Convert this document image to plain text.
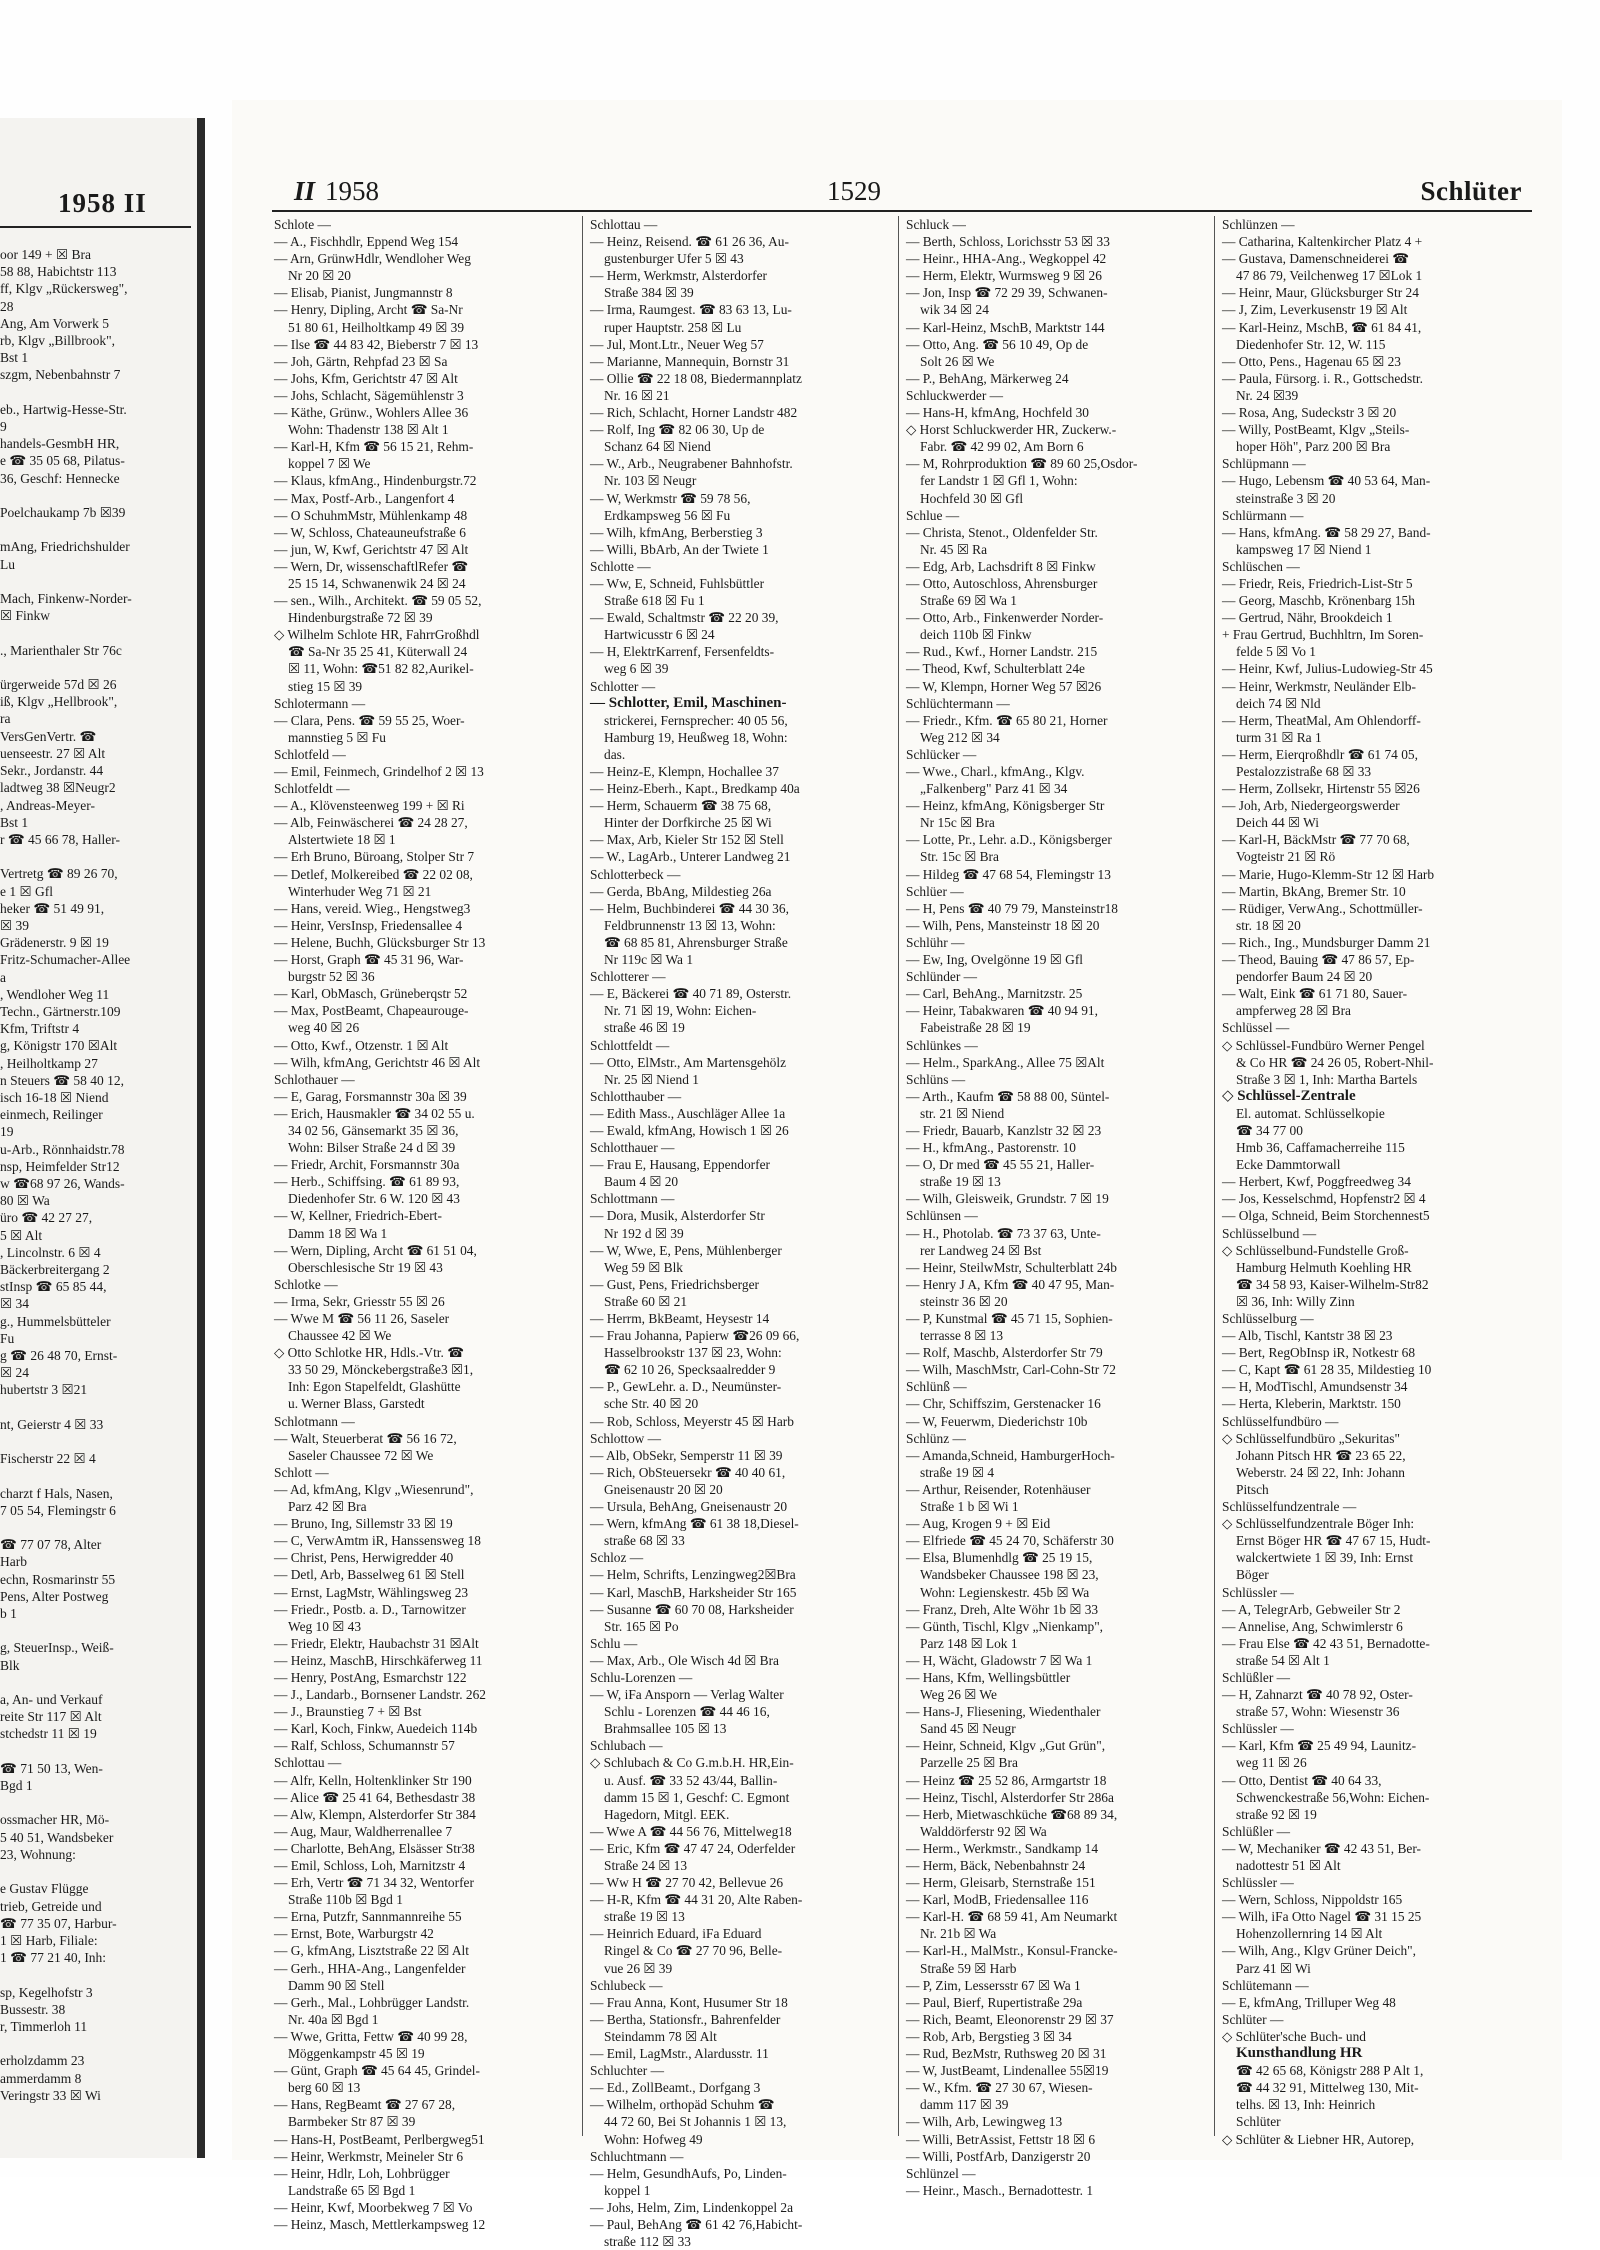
1958 II
oor 149 + ☒ Bra
58 88, Habichtstr 113
ff, Klgv „Rückersweg",
28
Ang, Am Vorwerk 5
rb, Klgv „Billbrook",
Bst 1
szgm, Nebenbahnstr 7

eb., Hartwig-Hesse-Str.
9
handels-GesmbH HR,
e ☎ 35 05 68, Pilatus-
36, Geschf: Hennecke

Poelchaukamp 7b ☒39

mAng, Friedrichshulder
Lu

Mach, Finkenw-Norder-
☒ Finkw

., Marienthaler Str 76c

ürgerweide 57d ☒ 26
iß, Klgv „Hellbrook",
ra
VersGenVertr. ☎
uenseestr. 27 ☒ Alt
Sekr., Jordanstr. 44
ladtweg 38 ☒Neugr2
, Andreas-Meyer-
Bst 1
r ☎ 45 66 78, Haller-

Vertretg ☎ 89 26 70,
e 1 ☒ Gfl
heker ☎ 51 49 91,
☒ 39
Grädenerstr. 9 ☒ 19
Fritz-Schumacher-Allee
a
, Wendloher Weg 11
Techn., Gärtnerstr.109
Kfm, Triftstr 4
g, Königstr 170 ☒Alt
, Heilholtkamp 27
n Steuers ☎ 58 40 12,
isch 16-18 ☒ Niend
einmech, Reilinger
19
u-Arb., Rönnhaidstr.78
nsp, Heimfelder Str12
w ☎68 97 26, Wands-
80 ☒ Wa
üro ☎ 42 27 27,
5 ☒ Alt
, Lincolnstr. 6 ☒ 4
Bäckerbreitergang 2
stInsp ☎ 65 85 44,
☒ 34
g., Hummelsbütteler
Fu
g ☎ 26 48 70, Ernst-
☒ 24
hubertstr 3 ☒21

nt, Geierstr 4 ☒ 33

Fischerstr 22 ☒ 4

charzt f Hals, Nasen,
7 05 54, Flemingstr 6

☎ 77 07 78, Alter
Harb
echn, Rosmarinstr 55
Pens, Alter Postweg
b 1

g, SteuerInsp., Weiß-
Blk

a, An- und Verkauf
reite Str 117 ☒ Alt
stchedstr 11 ☒ 19

☎ 71 50 13, Wen-
Bgd 1

ossmacher HR, Mö-
5 40 51, Wandsbeker
23, Wohnung:

e Gustav Flügge
trieb, Getreide und
☎ 77 35 07, Harbur-
1 ☒ Harb, Filiale:
1 ☎ 77 21 40, Inh:

sp, Kegelhofstr 3
Bussestr. 38
r, Timmerloh 11

erholzdamm 23
ammerdamm 8
Veringstr 33 ☒ Wi
II 1958	1529	Schlüter
Schlote —
— A., Fischhdlr, Eppend Weg 154
— Arn, GrünwHdlr, Wendloher Weg
Nr 20 ☒ 20
— Elisab, Pianist, Jungmannstr 8
— Henry, Dipling, Archt ☎ Sa-Nr
51 80 61, Heilholtkamp 49 ☒ 39
— Ilse ☎ 44 83 42, Bieberstr 7 ☒ 13
— Joh, Gärtn, Rehpfad 23 ☒ Sa
— Johs, Kfm, Gerichtstr 47 ☒ Alt
— Johs, Schlacht, Sägemühlenstr 3
— Käthe, Grünw., Wohlers Allee 36
Wohn: Thadenstr 138 ☒ Alt 1
— Karl-H, Kfm ☎ 56 15 21, Rehm-
koppel 7 ☒ We
— Klaus, kfmAng., Hindenburgstr.72
— Max, Postf-Arb., Langenfort 4
— O SchuhmMstr, Mühlenkamp 48
— W, Schloss, Chateaunеufstraße 6
— jun, W, Kwf, Gerichtstr 47 ☒ Alt
— Wern, Dr, wissenschaftlRefer ☎
25 15 14, Schwanenwik 24 ☒ 24
— sen., Wilh., Architekt. ☎ 59 05 52,
Hindenburgstraße 72 ☒ 39
◇ Wilhelm Schlote HR, FahrrGroßhdl
☎ Sa-Nr 35 25 41, Küterwall 24
☒ 11, Wohn: ☎51 82 82,Aurikel-
stieg 15 ☒ 39
Schlotermann —
— Clara, Pens. ☎ 59 55 25, Woer-
mannstieg 5 ☒ Fu
Schlotfeld —
— Emil, Feinmech, Grindelhof 2 ☒ 13
Schlotfeldt —
— A., Klövensteenweg 199 + ☒ Ri
— Alb, Feinwäscherei ☎ 24 28 27,
Alstertwiete 18 ☒ 1
— Erh Bruno, Büroang, Stolper Str 7
— Detlef, Molkereibed ☎ 22 02 08,
Winterhuder Weg 71 ☒ 21
— Hans, vereid. Wieg., Hengstweg3
— Heinr, VersInsp, Friedensallee 4
— Helene, Buchh, Glücksburger Str 13
— Horst, Graph ☎ 45 31 96, War-
burgstr 52 ☒ 36
— Karl, ObMasch, Grüneberqstr 52
— Max, PostBeamt, Chapeaurouge-
weg 40 ☒ 26
— Otto, Kwf., Otzenstr. 1 ☒ Alt
— Wilh, kfmAng, Gerichtstr 46 ☒ Alt
Schlothauer —
— E, Garag, Forsmannstr 30a ☒ 39
— Erich, Hausmakler ☎ 34 02 55 u.
34 02 56, Gänsemarkt 35 ☒ 36,
Wohn: Bilser Straße 24 d ☒ 39
— Friedr, Archit, Forsmannstr 30a
— Herb., Schiffsing. ☎ 61 89 93,
Diedenhofer Str. 6 W. 120 ☒ 43
— W, Kellner, Friedrich-Ebert-
Damm 18 ☒ Wa 1
— Wern, Dipling, Archt ☎ 61 51 04,
Oberschlesische Str 19 ☒ 43
Schlotke —
— Irma, Sekr, Griesstr 55 ☒ 26
— Wwe M ☎ 56 11 26, Saseler
Chaussee 42 ☒ We
◇ Otto Schlotke HR, Hdls.-Vtr. ☎
33 50 29, Mönckebergstraße3 ☒1,
Inh: Egon Stapelfeldt, Glashütte
u. Werner Blass, Garstedt
Schlotmann —
— Walt, Steuerberat ☎ 56 16 72,
Saseler Chaussee 72 ☒ We
Schlott —
— Ad, kfmAng, Klgv „Wiesenrund",
Parz 42 ☒ Bra
— Bruno, Ing, Sillemstr 33 ☒ 19
— C, VerwAmtm iR, Hanssensweg 18
— Christ, Pens, Herwigredder 40
— Detl, Arb, Basselweg 61 ☒ Stell
— Ernst, LagMstr, Wählingsweg 23
— Friedr., Postb. a. D., Tarnowitzer
Weg 10 ☒ 43
— Friedr, Elektr, Haubachstr 31 ☒Alt
— Heinz, MaschB, Hirschkäferweg 11
— Henry, PostAng, Esmarchstr 122
— J., Landarb., Bornsener Landstr. 262
— J., Braunstieg 7 + ☒ Bst
— Karl, Koch, Finkw, Auedeich 114b
— Ralf, Schloss, Schumannstr 57
Schlottau —
— Alfr, Kelln, Holtenklinker Str 190
— Alice ☎ 25 41 64, Bethesdastr 38
— Alw, Klempn, Alsterdorfer Str 384
— Aug, Maur, Waldherrenallee 7
— Charlotte, BehAng, Elsässer Str38
— Emil, Schloss, Loh, Marnitzstr 4
— Erh, Vertr ☎ 71 34 32, Wentorfer
Straße 110b ☒ Bgd 1
— Erna, Putzfr, Sannmannreihe 55
— Ernst, Bote, Warburgstr 42
— G, kfmAng, Lisztstraße 22 ☒ Alt
— Gerh., HHA-Ang., Langenfelder
Damm 90 ☒ Stell
— Gerh., Mal., Lohbrügger Landstr.
Nr. 40a ☒ Bgd 1
— Wwe, Gritta, Fettw ☎ 40 99 28,
Möggenkampstr 45 ☒ 19
— Günt, Graph ☎ 45 64 45, Grindel-
berg 60 ☒ 13
— Hans, RegBeamt ☎ 27 67 28,
Barmbeker Str 87 ☒ 39
— Hans-H, PostBeamt, Perlbergweg51
— Heinr, Werkmstr, Meineler Str 6
— Heinr, Hdlr, Loh, Lohbrügger
Landstraße 65 ☒ Bgd 1
— Heinr, Kwf, Moorbekweg 7 ☒ Vo
— Heinz, Masch, Mettlerkampsweg 12
Schlottau —
— Heinz, Reisend. ☎ 61 26 36, Au-
gustenburger Ufer 5 ☒ 43
— Herm, Werkmstr, Alsterdorfer
Straße 384 ☒ 39
— Irma, Raumgest. ☎ 83 63 13, Lu-
ruper Hauptstr. 258 ☒ Lu
— Jul, Mont.Ltr., Neuer Weg 57
— Marianne, Mannequin, Bornstr 31
— Ollie ☎ 22 18 08, Biedermannplatz
Nr. 16 ☒ 21
— Rich, Schlacht, Horner Landstr 482
— Rolf, Ing ☎ 82 06 30, Up de
Schanz 64 ☒ Niend
— W., Arb., Neugrabener Bahnhofstr.
Nr. 103 ☒ Neugr
— W, Werkmstr ☎ 59 78 56,
Erdkampsweg 56 ☒ Fu
— Wilh, kfmAng, Berberstieg 3
— Willi, BbArb, An der Twiete 1
Schlotte —
— Ww, E, Schneid, Fuhlsbüttler
Straße 618 ☒ Fu 1
— Ewald, Schaltmstr ☎ 22 20 39,
Hartwicusstr 6 ☒ 24
— H, ElektrKarrenf, Fersenfeldts-
weg 6 ☒ 39
Schlotter —
— Schlotter, Emil, Maschinen-
strickerei, Fernsprecher: 40 05 56,
Hamburg 19, Heußweg 18, Wohn:
das.
— Heinz-E, Klempn, Hochallee 37
— Heinz-Eberh., Kapt., Bredkamp 40a
— Herm, Schauerm ☎ 38 75 68,
Hinter der Dorfkirche 25 ☒ Wi
— Max, Arb, Kieler Str 152 ☒ Stell
— W., LagArb., Unterer Landweg 21
Schlotterbeck —
— Gerda, BbAng, Mildestieg 26a
— Helm, Buchbinderei ☎ 44 30 36,
Feldbrunnenstr 13 ☒ 13, Wohn:
☎ 68 85 81, Ahrensburger Straße
Nr 119c ☒ Wa 1
Schlotterer —
— E, Bäckerei ☎ 40 71 89, Osterstr.
Nr. 71 ☒ 19, Wohn: Eichen-
straße 46 ☒ 19
Schlottfeldt —
— Otto, ElMstr., Am Martensgehölz
Nr. 25 ☒ Niend 1
Schlotthauber —
— Edith Mass., Auschläger Allee 1a
— Ewald, kfmAng, Howisch 1 ☒ 26
Schlotthauer —
— Frau E, Hausang, Eppendorfer
Baum 4 ☒ 20
Schlottmann —
— Dora, Musik, Alsterdorfer Str
Nr 192 d ☒ 39
— W, Wwe, E, Pens, Mühlenberger
Weg 59 ☒ Blk
— Gust, Pens, Friedrichsberger
Straße 60 ☒ 21
— Herrm, BkBeamt, Heysestr 14
— Frau Johanna, Papierw ☎26 09 66,
Hasselbrookstr 137 ☒ 23, Wohn:
☎ 62 10 26, Specksaalredder 9
— P., GewLehr. a. D., Neumünster-
sche Str. 40 ☒ 20
— Rob, Schloss, Meyerstr 45 ☒ Harb
Schlottow —
— Alb, ObSekr, Semperstr 11 ☒ 39
— Rich, ObSteuersekr ☎ 40 40 61,
Gneisenaustr 20 ☒ 20
— Ursula, BehAng, Gneisenaustr 20
— Wern, kfmAng ☎ 61 38 18,Diesel-
straße 68 ☒ 33
Schloz —
— Helm, Schrifts, Lenzingweg2☒Bra
— Karl, MaschB, Harksheider Str 165
— Susanne ☎ 60 70 08, Harksheider
Str. 165 ☒ Po
Schlu —
— Max, Arb., Ole Wisch 4d ☒ Bra
Schlu-Lorenzen —
— W, iFa Ansporn — Verlag Walter
Schlu - Lorenzen ☎ 44 46 16,
Brahmsallee 105 ☒ 13
Schlubach —
◇ Schlubach & Co G.m.b.H. HR,Ein-
u. Ausf. ☎ 33 52 43/44, Ballin-
damm 15 ☒ 1, Geschf: C. Egmont
Hagedorn, Mitgl. EEK.
— Wwe A ☎ 44 56 76, Mittelweg18
— Eric, Kfm ☎ 47 47 24, Oderfelder
Straße 24 ☒ 13
— Ww H ☎ 27 70 42, Bellevue 26
— H-R, Kfm ☎ 44 31 20, Alte Raben-
straße 19 ☒ 13
— Heinrich Eduard, iFa Eduard
Ringel & Co ☎ 27 70 96, Belle-
vue 26 ☒ 39
Schlubeck —
— Frau Anna, Kont, Husumer Str 18
— Bertha, Stationsfr., Bahrenfelder
Steindamm 78 ☒ Alt
— Emil, LagMstr., Alardusstr. 11
Schluchter —
— Ed., ZollBeamt., Dorfgang 3
— Wilhelm, orthopäd Schuhm ☎
44 72 60, Bei St Johannis 1 ☒ 13,
Wohn: Hofweg 49
Schluchtmann —
— Helm, GesundhAufs, Po, Linden-
koppel 1
— Johs, Helm, Zim, Lindenkoppel 2a
— Paul, BehAng ☎ 61 42 76,Habicht-
straße 112 ☒ 33
Schluck —
— Berth, Schloss, Lorichsstr 53 ☒ 33
— Heinr., HHA-Ang., Wegkoppel 42
— Herm, Elektr, Wurmsweg 9 ☒ 26
— Jon, Insp ☎ 72 29 39, Schwanen-
wik 34 ☒ 24
— Karl-Heinz, MschB, Marktstr 144
— Otto, Ang. ☎ 56 10 49, Op de
Solt 26 ☒ We
— P., BehAng, Märkerweg 24
Schluckwerder —
— Hans-H, kfmAng, Hochfeld 30
◇ Horst Schluckwerder HR, Zuckerw.-
Fabr. ☎ 42 99 02, Am Born 6
— M, Rohrproduktion ☎ 89 60 25,Osdor-
fer Landstr 1 ☒ Gfl 1, Wohn:
Hochfeld 30 ☒ Gfl
Schlue —
— Christa, Stenot., Oldenfelder Str.
Nr. 45 ☒ Ra
— Edg, Arb, Lachsdrift 8 ☒ Finkw
— Otto, Autoschloss, Ahrensburger
Straße 69 ☒ Wa 1
— Otto, Arb., Finkenwerder Norder-
deich 110b ☒ Finkw
— Rud., Kwf., Horner Landstr. 215
— Theod, Kwf, Schulterblatt 24e
— W, Klempn, Horner Weg 57 ☒26
Schlüchtermann —
— Friedr., Kfm. ☎ 65 80 21, Horner
Weg 212 ☒ 34
Schlücker —
— Wwe., Charl., kfmAng., Klgv.
„Falkenberg" Parz 41 ☒ 34
— Heinz, kfmAng, Königsberger Str
Nr 15c ☒ Bra
— Lotte, Pr., Lehr. a.D., Königsberger
Str. 15c ☒ Bra
— Hildeg ☎ 47 68 54, Flemingstr 13
Schlüer —
— H, Pens ☎ 40 79 79, Mansteinstr18
— Wilh, Pens, Mansteinstr 18 ☒ 20
Schlühr —
— Ew, Ing, Ovelgönne 19 ☒ Gfl
Schlünder —
— Carl, BehAng., Marnitzstr. 25
— Heinr, Tabakwaren ☎ 40 94 91,
Fabeistraße 28 ☒ 19
Schlünkes —
— Helm., SparkAng., Allee 75 ☒Alt
Schlüns —
— Arth., Kaufm ☎ 58 88 00, Süntel-
str. 21 ☒ Niend
— Friedr, Bauarb, Kanzlstr 32 ☒ 23
— H., kfmAng., Pastorenstr. 10
— O, Dr med ☎ 45 55 21, Haller-
straße 19 ☒ 13
— Wilh, Gleisweik, Grundstr. 7 ☒ 19
Schlünsen —
— H., Photolab. ☎ 73 37 63, Unte-
rer Landweg 24 ☒ Bst
— Heinr, SteilwMstr, Schulterblatt 24b
— Henry J A, Kfm ☎ 40 47 95, Man-
steinstr 36 ☒ 20
— P, Kunstmal ☎ 45 71 15, Sophien-
terrasse 8 ☒ 13
— Rolf, Maschb, Alsterdorfer Str 79
— Wilh, MaschMstr, Carl-Cohn-Str 72
Schlünß —
— Chr, Schiffszim, Gerstenacker 16
— W, Feuerwm, Diederichstr 10b
Schlünz —
— Amanda,Schneid, HamburgerHoch-
straße 19 ☒ 4
— Arthur, Reisender, Rotenhäuser
Straße 1 b ☒ Wi 1
— Aug, Krogen 9 + ☒ Eid
— Elfriede ☎ 45 24 70, Schäferstr 30
— Elsa, Blumenhdlg ☎ 25 19 15,
Wandsbeker Chaussee 198 ☒ 23,
Wohn: Legienskestr. 45b ☒ Wa
— Franz, Dreh, Alte Wöhr 1b ☒ 33
— Günth, Tischl, Klgv „Nienkamp",
Parz 148 ☒ Lok 1
— H, Wächt, Gladowstr 7 ☒ Wa 1
— Hans, Kfm, Wellingsbüttler
Weg 26 ☒ We
— Hans-J, Fliesening, Wiedenthaler
Sand 45 ☒ Neugr
— Heinr, Schneid, Klgv „Gut Grün",
Parzelle 25 ☒ Bra
— Heinz ☎ 25 52 86, Armgartstr 18
— Heinz, Tischl, Alsterdorfer Str 286a
— Herb, Mietwaschküche ☎68 89 34,
Walddörferstr 92 ☒ Wa
— Herm., Werkmstr., Sandkamp 14
— Herm, Bäck, Nebenbahnstr 24
— Herm, Gleisarb, Sternstraße 151
— Karl, ModB, Friedensallee 116
— Karl-H. ☎ 68 59 41, Am Neumarkt
Nr. 21b ☒ Wa
— Karl-H., MalMstr., Konsul-Francke-
Straße 59 ☒ Harb
— P, Zim, Lessersstr 67 ☒ Wa 1
— Paul, Bierf, Rupertistraße 29a
— Rich, Beamt, Eleonorenstr 29 ☒ 37
— Rob, Arb, Bergstieg 3 ☒ 34
— Rud, BezMstr, Ruthsweg 20 ☒ 31
— W, JustBeamt, Lindenallee 55☒19
— W., Kfm. ☎ 27 30 67, Wiesen-
damm 117 ☒ 39
— Wilh, Arb, Lewingweg 13
— Willi, BetrAssist, Fettstr 18 ☒ 6
— Willi, PostfArb, Danzigerstr 20
Schlünzel —
— Heinr., Masch., Bernadottestr. 1
Schlünzen —
— Catharina, Kaltenkircher Platz 4 +
— Gustava, Damenschneiderei ☎
47 86 79, Veilchenweg 17 ☒Lok 1
— Heinr, Maur, Glücksburger Str 24
— J, Zim, Leverkusenstr 19 ☒ Alt
— Karl-Heinz, MschB, ☎ 61 84 41,
Diedenhofer Str. 12, W. 115
— Otto, Pens., Hagenau 65 ☒ 23
— Paula, Fürsorg. i. R., Gottschedstr.
Nr. 24 ☒39
— Rosa, Ang, Sudeckstr 3 ☒ 20
— Willy, PostBeamt, Klgv „Steils-
hoper Höh", Parz 200 ☒ Bra
Schlüpmann —
— Hugo, Lebensm ☎ 40 53 64, Man-
steinstraße 3 ☒ 20
Schlürmann —
— Hans, kfmAng. ☎ 58 29 27, Band-
kampsweg 17 ☒ Niend 1
Schlüschen —
— Friedr, Reis, Friedrich-List-Str 5
— Georg, Maschb, Krönenbarg 15h
— Gertrud, Nähr, Brookdeich 1
+ Frau Gertrud, Buchhltrn, Im Soren-
felde 5 ☒ Vo 1
— Heinr, Kwf, Julius-Ludowieg-Str 45
— Heinr, Werkmstr, Neuländer Elb-
deich 74 ☒ Nld
— Herm, TheatMal, Am Ohlendorff-
turm 31 ☒ Ra 1
— Herm, Eierqroßhdlr ☎ 61 74 05,
Pestalozzistraße 68 ☒ 33
— Herm, Zollsekr, Hirtenstr 55 ☒26
— Joh, Arb, Niedergeorgswerder
Deich 44 ☒ Wi
— Karl-H, BäckMstr ☎ 77 70 68,
Vogteistr 21 ☒ Rö
— Marie, Hugo-Klemm-Str 12 ☒ Harb
— Martin, BkAng, Bremer Str. 10
— Rüdiger, VerwAng., Schottmüller-
str. 18 ☒ 20
— Rich., Ing., Mundsburger Damm 21
— Theod, Bauing ☎ 47 86 57, Ep-
pendorfer Baum 24 ☒ 20
— Walt, Eink ☎ 61 71 80, Sauer-
ampferweg 28 ☒ Bra
Schlüssel —
◇ Schlüssel-Fundbüro Werner Pengel
& Co HR ☎ 24 26 05, Robert-Nhil-
Straße 3 ☒ 1, Inh: Martha Bartels
◇ Schlüssel-Zentrale
El. automat. Schlüsselkopie
☎ 34 77 00
Hmb 36, Caffamacherreihe 115
Ecke Dammtorwall
— Herbert, Kwf, Poggfreedweg 34
— Jos, Kesselschmd, Hopfenstr2 ☒ 4
— Olga, Schneid, Beim Storchennest5
Schlüsselbund —
◇ Schlüsselbund-Fundstelle Groß-
Hamburg Helmuth Koehling HR
☎ 34 58 93, Kaiser-Wilhelm-Str82
☒ 36, Inh: Willy Zinn
Schlüsselburg —
— Alb, Tischl, Kantstr 38 ☒ 23
— Bert, RegObInsp iR, Notkestr 68
— C, Kapt ☎ 61 28 35, Mildestieg 10
— H, ModTischl, Amundsenstr 34
— Herta, Kleberin, Marktstr. 150
Schlüsselfundbüro —
◇ Schlüsselfundbüro „Sekuritas"
Johann Pitsch HR ☎ 23 65 22,
Weberstr. 24 ☒ 22, Inh: Johann
Pitsch
Schlüsselfundzentrale —
◇ Schlüsselfundzentrale Böger Inh:
Ernst Böger HR ☎ 47 67 15, Hudt-
walckertwiete 1 ☒ 39, Inh: Ernst
Böger
Schlüssler —
— A, TelegrArb, Gebweiler Str 2
— Annelise, Ang, Schwimlerstr 6
— Frau Else ☎ 42 43 51, Bernadotte-
straße 54 ☒ Alt 1
Schlüßler —
— H, Zahnarzt ☎ 40 78 92, Oster-
straße 57, Wohn: Wiesenstr 36
Schlüssler —
— Karl, Kfm ☎ 25 49 94, Launitz-
weg 11 ☒ 26
— Otto, Dentist ☎ 40 64 33,
Schwenckestraße 56,Wohn: Eichen-
straße 92 ☒ 19
Schlüßler —
— W, Mechaniker ☎ 42 43 51, Ber-
nadottestr 51 ☒ Alt
Schlüssler —
— Wern, Schloss, Nippoldstr 165
— Wilh, iFa Otto Nagel ☎ 31 15 25
Hohenzollernring 14 ☒ Alt
— Wilh, Ang., Klgv Grüner Deich",
Parz 41 ☒ Wi
Schlütemann —
— E, kfmAng, Trilluper Weg 48
Schlüter —
◇ Schlüter'sche Buch- und
Kunsthandlung HR
☎ 42 65 68, Königstr 288 P Alt 1,
☎ 44 32 91, Mittelweg 130, Mit-
telhs. ☒ 13, Inh: Heinrich
Schlüter
◇ Schlüter & Liebner HR, Autorep,
